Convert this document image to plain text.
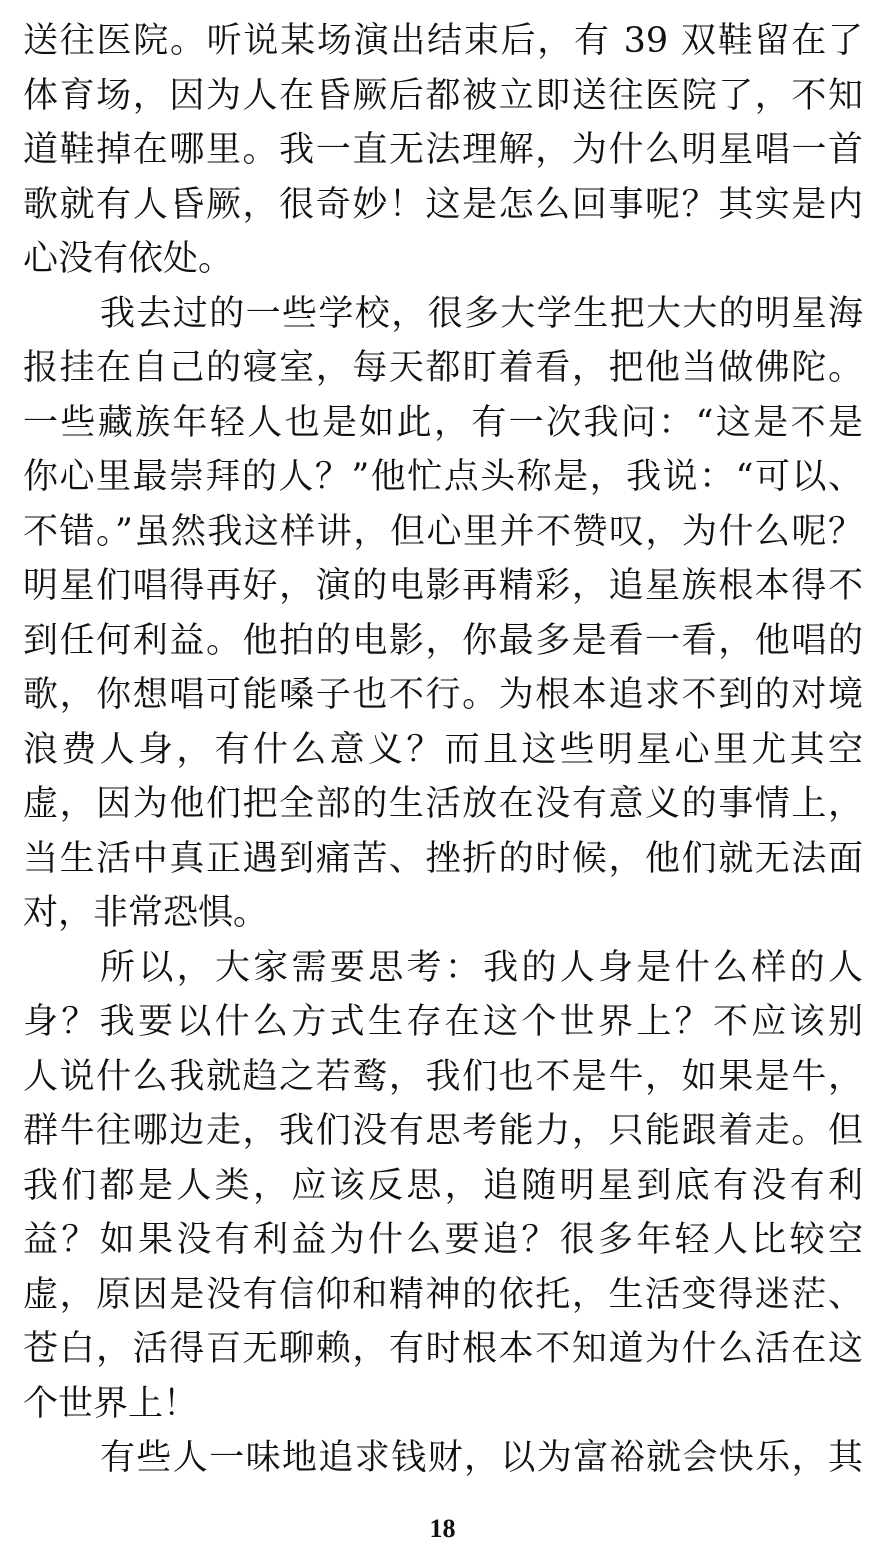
送往医院。听说某场演出结束后，有 39 双鞋留在了
体育场，因为人在昏厥后都被立即送往医院了，不知
道鞋掉在哪里。我一直无法理解，为什么明星唱一首
歌就有人昏厥，很奇妙！这是怎么回事呢？其实是内
心没有依处。
我去过的一些学校，很多大学生把大大的明星海
报挂在自己的寝室，每天都盯着看，把他当做佛陀。
一些藏族年轻人也是如此，有一次我问：“这是不是
你心里最崇拜的人？”他忙点头称是，我说：“可以、
不错。”虽然我这样讲，但心里并不赞叹，为什么呢？
明星们唱得再好，演的电影再精彩，追星族根本得不
到任何利益。他拍的电影，你最多是看一看，他唱的
歌，你想唱可能嗓子也不行。为根本追求不到的对境
浪费人身，有什么意义？而且这些明星心里尤其空
虚，因为他们把全部的生活放在没有意义的事情上，
当生活中真正遇到痛苦、挫折的时候，他们就无法面
对，非常恐惧。
所以，大家需要思考：我的人身是什么样的人
身？我要以什么方式生存在这个世界上？不应该别
人说什么我就趋之若鹜，我们也不是牛，如果是牛，
群牛往哪边走，我们没有思考能力，只能跟着走。但
我们都是人类，应该反思，追随明星到底有没有利
益？如果没有利益为什么要追？很多年轻人比较空
虚，原因是没有信仰和精神的依托，生活变得迷茫、
苍白，活得百无聊赖，有时根本不知道为什么活在这
个世界上！
有些人一味地追求钱财，以为富裕就会快乐，其
18
